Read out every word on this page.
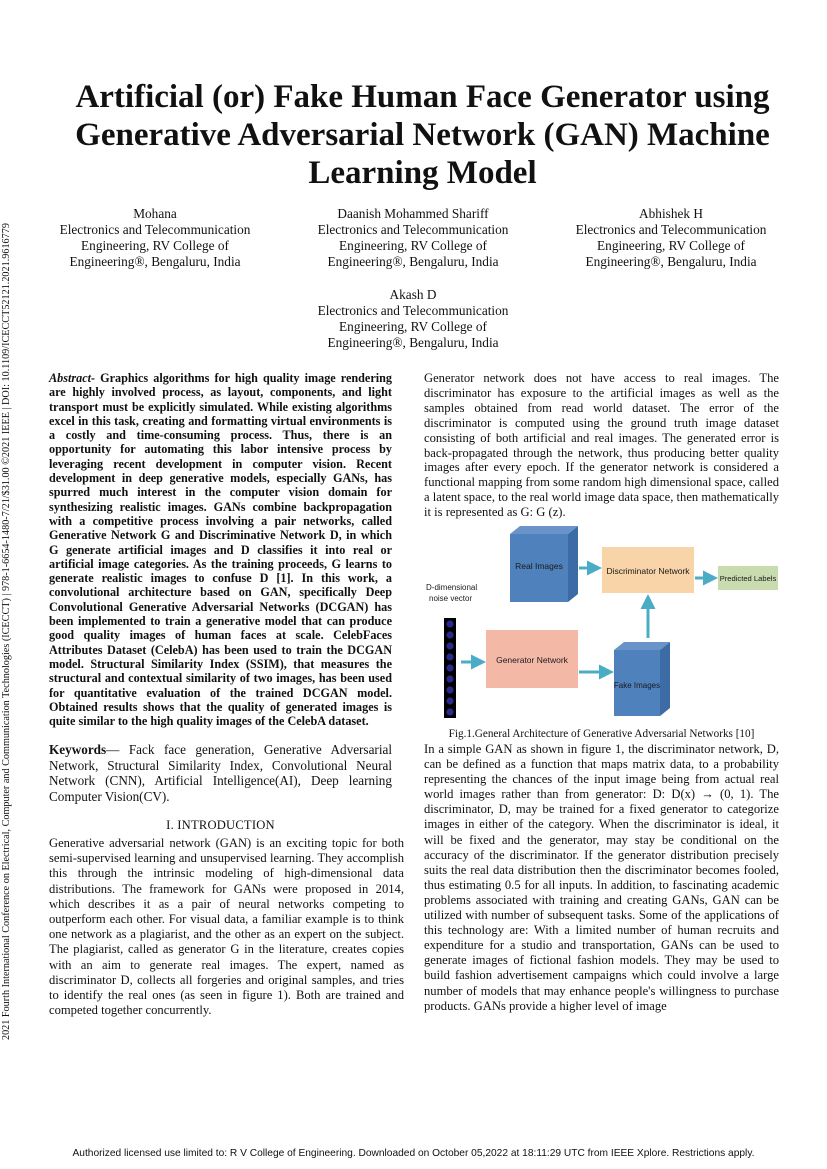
2021 Fourth International Conference on Electrical, Computer and Communication Technologies (ICECCT) | 978-1-6654-1480-7/21/$31.00 ©2021 IEEE | DOI: 10.1109/ICECCT52121.2021.9616779
Artificial (or) Fake Human Face Generator using Generative Adversarial Network (GAN) Machine Learning Model
Mohana
Electronics and Telecommunication
Engineering, RV College of
Engineering®, Bengaluru, India
Daanish Mohammed Shariff
Electronics and Telecommunication
Engineering, RV College of
Engineering®, Bengaluru, India
Abhishek H
Electronics and Telecommunication
Engineering, RV College of
Engineering®, Bengaluru, India
Akash D
Electronics and Telecommunication
Engineering, RV College of
Engineering®, Bengaluru, India
Abstract- Graphics algorithms for high quality image rendering are highly involved process, as layout, components, and light transport must be explicitly simulated. While existing algorithms excel in this task, creating and formatting virtual environments is a costly and time-consuming process. Thus, there is an opportunity for automating this labor intensive process by leveraging recent development in computer vision. Recent development in deep generative models, especially GANs, has spurred much interest in the computer vision domain for synthesizing realistic images. GANs combine backpropagation with a competitive process involving a pair networks, called Generative Network G and Discriminative Network D, in which G generate artificial images and D classifies it into real or artificial image categories. As the training proceeds, G learns to generate realistic images to confuse D [1]. In this work, a convolutional architecture based on GAN, specifically Deep Convolutional Generative Adversarial Networks (DCGAN) has been implemented to train a generative model that can produce good quality images of human faces at scale. CelebFaces Attributes Dataset (CelebA) has been used to train the DCGAN model. Structural Similarity Index (SSIM), that measures the structural and contextual similarity of two images, has been used for quantitative evaluation of the trained DCGAN model. Obtained results shows that the quality of generated images is quite similar to the high quality images of the CelebA dataset.
Keywords— Fack face generation, Generative Adversarial Network, Structural Similarity Index, Convolutional Neural Network (CNN), Artificial Intelligence(AI), Deep learning Computer Vision(CV).
I. INTRODUCTION
Generative adversarial network (GAN) is an exciting topic for both semi-supervised learning and unsupervised learning. They accomplish this through the intrinsic modeling of high-dimensional data distributions. The framework for GANs were proposed in 2014, which describes it as a pair of neural networks competing to outperform each other. For visual data, a familiar example is to think one network as a plagiarist, and the other as an expert on the subject. The plagiarist, called as generator G in the literature, creates copies with an aim to generate real images. The expert, named as discriminator D, collects all forgeries and original samples, and tries to identify the real ones (as seen in figure 1). Both are trained and competed together concurrently.
Generator network does not have access to real images. The discriminator has exposure to the artificial images as well as the samples obtained from read world dataset. The error of the discriminator is computed using the ground truth image dataset consisting of both artificial and real images. The generated error is back-propagated through the network, thus producing better quality images after every epoch. If the generator network is considered a functional mapping from some random high dimensional space, called a latent space, to the real world image data space, then mathematically it is represented as G: G (z).
Real Images	Discriminator Network
Predicted Labels
D-dimensional
noise vector
Generator Network
Fake Images
Fig.1.General Architecture of Generative Adversarial Networks [10]
In a simple GAN as shown in figure 1, the discriminator network, D, can be defined as a function that maps matrix data, to a probability representing the chances of the input image being from actual real world images rather than from generator: D: D(x) → (0, 1). The discriminator, D, may be trained for a fixed generator to categorize images in either of the category. When the discriminator is ideal, it will be fixed and the generator, may stay be conditional on the accuracy of the discriminator. If the generator distribution precisely suits the real data distribution then the discriminator becomes fooled, thus estimating 0.5 for all inputs. In addition, to fascinating academic problems associated with training and creating GANs, GAN can be utilized with number of subsequent tasks. Some of the applications of this technology are: With a limited number of human recruits and expenditure for a studio and transportation, GANs can be used to generate images of fictional fashion models. They may be used to build fashion advertisement campaigns which could involve a large number of models that may enhance people's willingness to purchase products. GANs provide a higher level of image
Authorized licensed use limited to: R V College of Engineering. Downloaded on October 05,2022 at 18:11:29 UTC from IEEE Xplore. Restrictions apply.
